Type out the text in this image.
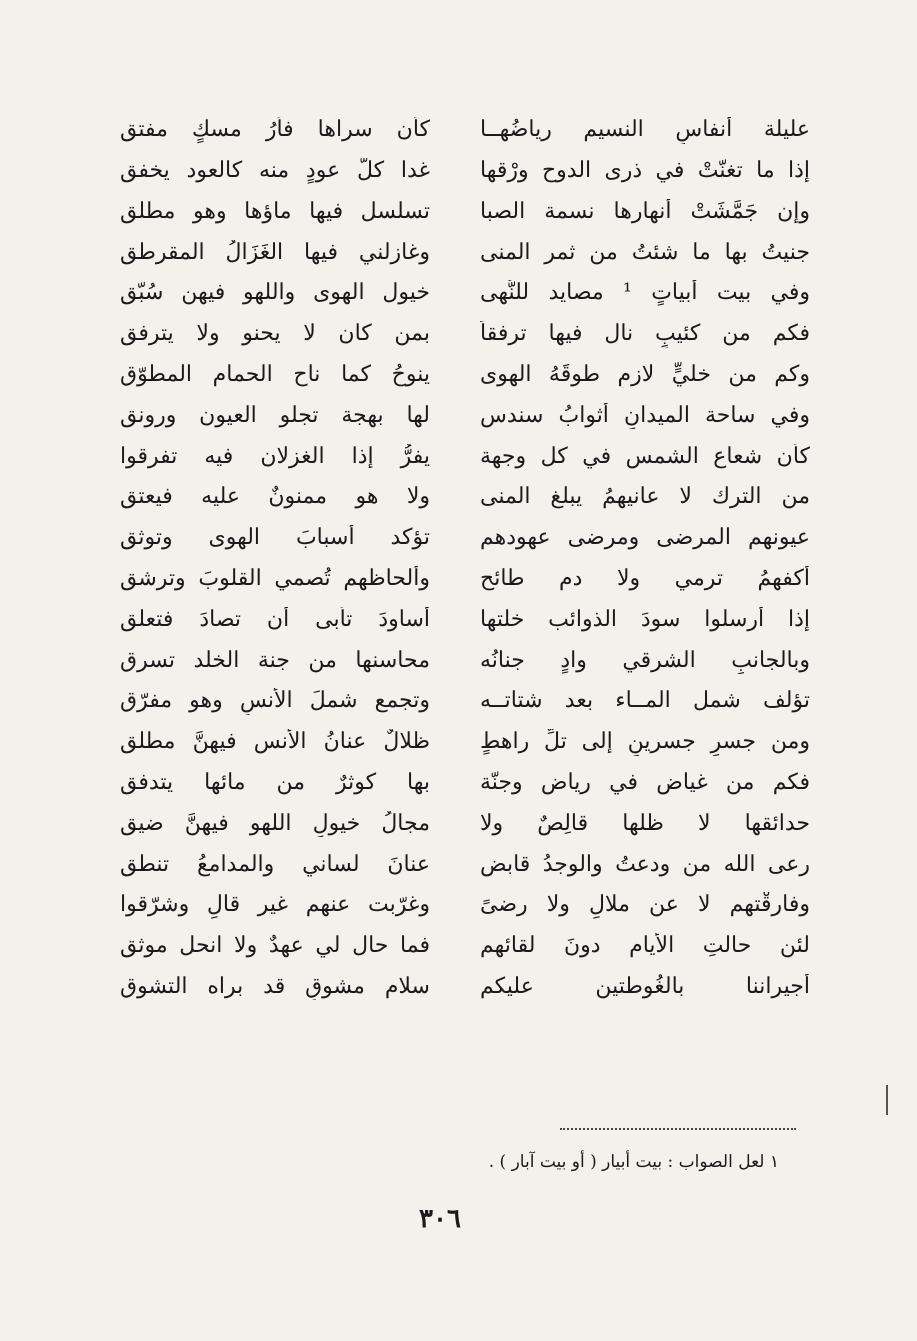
عليلة أنفاسِ النسيم رياضُهــا
كأن سراها فأرُ مسكٍ مفتق
إذا ما تغنّتْ في ذرى الدوح ورْقها
غدا كلُّ عودٍ منه كالعود يخفق
وإن جَمَّشَتْ أنهارها نسمة الصبا
تسلسل فيها ماؤها وهو مطلق
جنيتُ بها ما شئتُ من ثمر المنى
وغازلني فيها الغَزَالُ المقرطق
وفي بيت أبياتٍ ¹ مصايد للنُّهى
خيول الهوى واللهو فيهن سُبّق
فكم من كئيبٍ نال فيها ترفقاً
بمن كان لا يحنو ولا يترفق
وكم من خليٍّ لازمٍ طوقَهُ الهوى
ينوحُ كما ناح الحمام المطوّق
وفي ساحة الميدانِ أثوابُ سندس
لها بهجة تجلو العيون ورونق
كأن شعاع الشمس في كل وجهة
يفرُّ إذا الغزلان فيه تفرقوا
من الترك لا عانيهمُ يبلغ المنى
ولا هو ممنونٌ عليه فيعتق
عيونهم المرضى ومرضى عهودهم
تؤكد أسبابَ الهوى وتوثق
أكفهمُ ترمي ولا دم طائح
وألحاظهم تُصمي القلوبَ وترشق
إذا أرسلوا سودَ الذوائب خلتها
أساودَ تأبى أن تصادَ فتعلق
وبالجانبِ الشرقي وادٍ جنانُه
محاسنها من جنة الخلد تسرق
تؤلف شمل المــاء بعد شتاتــه
وتجمع شملَ الأُنسِ وهو مفرّق
ومن جسرِ جسرينٍ إلى تلِّ راهطٍ
ظلالٌ عنانُ الأنس فيهنَّ مطلق
فكم من غياضٍ في رياضٍ وجنّة
بها كوثرٌ من مائها يتدفق
حدائقها لا ظلها قالِصٌ ولا
مجالُ خيولِ اللهو فيهنَّ ضيق
رعى الله من ودعتُ والوجدُ قابض
عنانَ لساني والمدامعُ تنطق
وفارقْتهم لا عن ملالٍ ولا رضىً
وغرّبت عنهم غير قالٍ وشرّقوا
لئن حالتِ الأيام دونَ لقائهم
فما حال لي عهدٌ ولا انحل موثق
أجيراننا بالغُوطتين عليكم
سلام مشوقٍ قد براه التشوق
١ لعل الصواب : بيت أبيار ( أو بيت آبار ) .
٣٠٦
